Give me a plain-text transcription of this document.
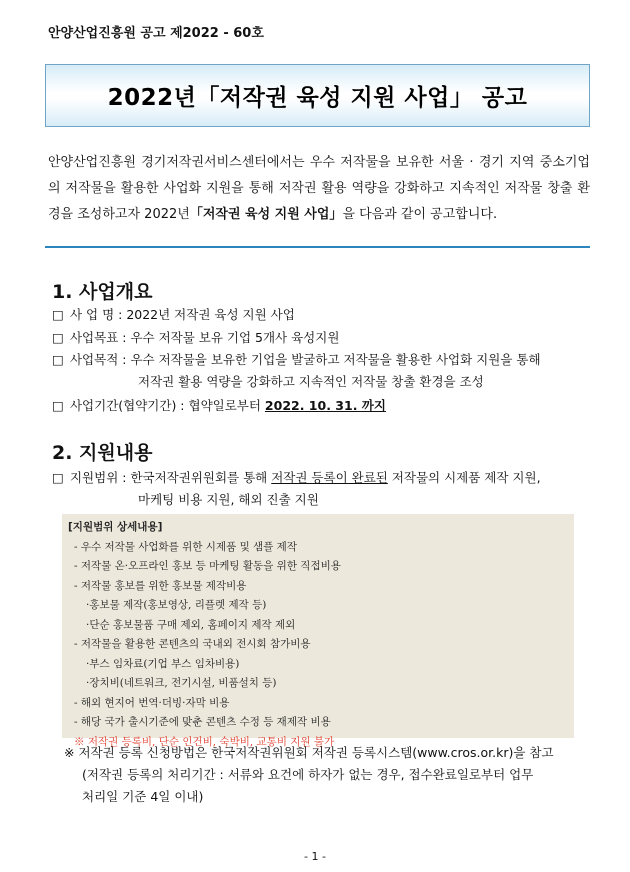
안양산업진흥원 공고 제2022 - 60호
2022년「저작권 육성 지원 사업」 공고
안양산업진흥원 경기저작권서비스센터에서는 우수 저작물을 보유한 서울 · 경기 지역 중소기업의 저작물을 활용한 사업화 지원을 통해 저작권 활용 역량을 강화하고 지속적인 저작물 창출 환경을 조성하고자 2022년「저작권 육성 지원 사업」을 다음과 같이 공고합니다.
1. 사업개요
□ 사 업 명 : 2022년 저작권 육성 지원 사업
□ 사업목표 : 우수 저작물 보유 기업 5개사 육성지원
□ 사업목적 : 우수 저작물을 보유한 기업을 발굴하고 저작물을 활용한 사업화 지원을 통해
저작권 활용 역량을 강화하고 지속적인 저작물 창출 환경을 조성
□ 사업기간(협약기간) : 협약일로부터 2022. 10. 31. 까지
2. 지원내용
□ 지원범위 : 한국저작권위원회를 통해 저작권 등록이 완료된 저작물의 시제품 제작 지원,
마케팅 비용 지원, 해외 진출 지원
[지원범위 상세내용]
- 우수 저작물 사업화를 위한 시제품 및 샘플 제작
- 저작물 온·오프라인 홍보 등 마케팅 활동을 위한 직접비용
- 저작물 홍보를 위한 홍보물 제작비용
·홍보물 제작(홍보영상, 리플렛 제작 등)
·단순 홍보물품 구매 제외, 홈페이지 제작 제외
- 저작물을 활용한 콘텐츠의 국내외 전시회 참가비용
·부스 임차료(기업 부스 임차비용)
·장치비(네트워크, 전기시설, 비품설치 등)
- 해외 현지어 번역·더빙·자막 비용
- 해당 국가 출시기준에 맞춘 콘텐츠 수정 등 재제작 비용
※ 저작권 등록비, 단순 인건비, 숙박비, 교통비 지원 불가
※ 저작권 등록 신청방법은 한국저작권위원회 저작권 등록시스템(www.cros.or.kr)을 참고
(저작권 등록의 처리기간 : 서류와 요건에 하자가 없는 경우, 접수완료일로부터 업무
처리일 기준 4일 이내)
- 1 -
